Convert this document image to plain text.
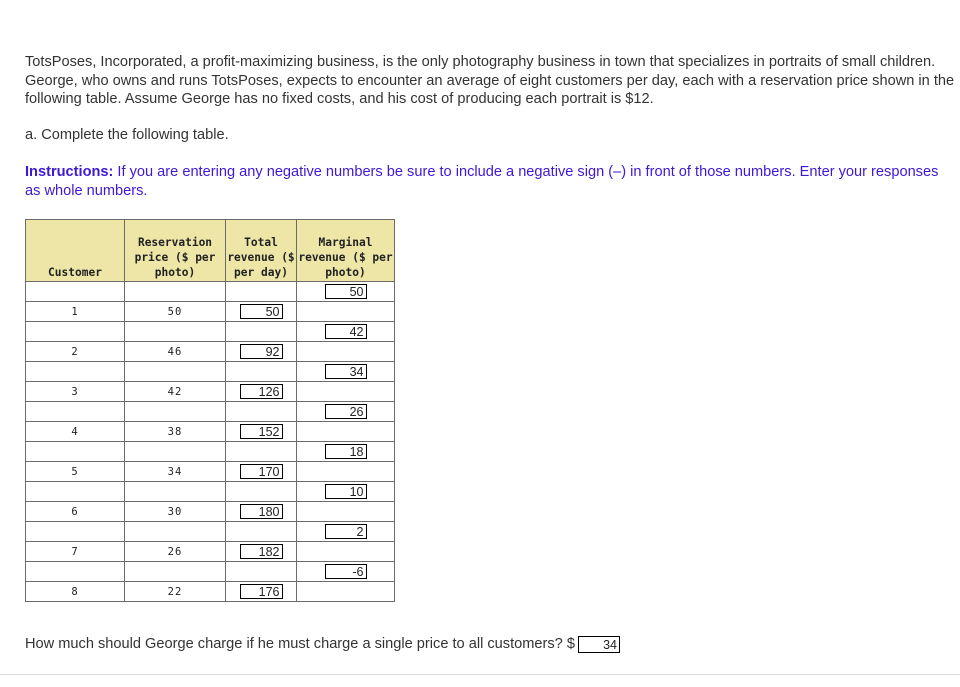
TotsPoses, Incorporated, a profit-maximizing business, is the only photography business in town that specializes in portraits of small children. George, who owns and runs TotsPoses, expects to encounter an average of eight customers per day, each with a reservation price shown in the following table. Assume George has no fixed costs, and his cost of producing each portrait is $12.

a. Complete the following table.

Instructions: If you are entering any negative numbers be sure to include a negative sign (–) in front of those numbers. Enter your responses as whole numbers.

Customer	Reservation price ($ per photo)	Total revenue ($ per day)	Marginal revenue ($ per photo)
			50
1	50	50	
			42
2	46	92	
			34
3	42	126	
			26
4	38	152	
			18
5	34	170	
			10
6	30	180	
			2
7	26	182	
			-6
8	22	176	

How much should George charge if he must charge a single price to all customers? $ 34
